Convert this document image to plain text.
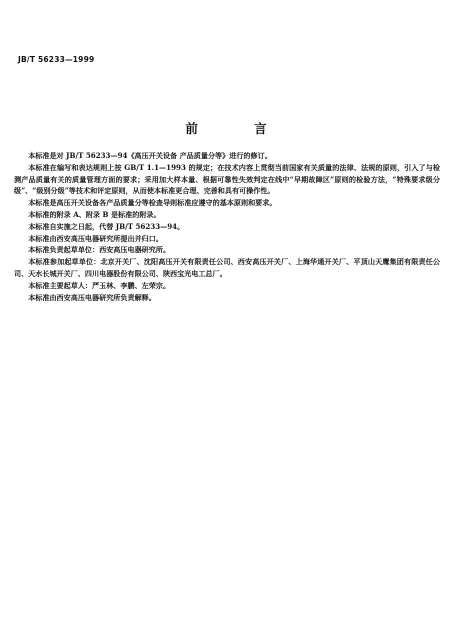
JB/T 56233—1999
前 言

本标准是对 JB/T 56233—94《高压开关设备 产品质量分等》进行的修订。

本标准在编写和表达规则上按 GB/T 1.1—1993 的规定；在技术内容上贯彻当前国家有关质量的法律、法规的原则，引入了与检测产品质量有关的质量管理方面的要求；采用加大样本量、根据可靠性失效判定在线中“早期故障区”原则的检验方法，“特殊要求级分级”、“级别分级”等技术和评定原则，从而使本标准更合理、完善和具有可操作性。

本标准是高压开关设备各产品质量分等检查导则标准应遵守的基本原则和要求。

本标准的附录 A、附录 B 是标准的附录。

本标准自实施之日起，代替 JB/T 56233—94。

本标准由西安高压电器研究所提出并归口。

本标准负责起草单位：西安高压电器研究所。

本标准参加起草单位：北京开关厂、沈阳高压开关有限责任公司、西安高压开关厂、上海华通开关厂、平顶山天鹰集团有限责任公司、天水长城开关厂、四川电器股份有限公司、陕西宝光电工总厂。

本标准主要起草人：严玉林、李鹏、左荣宗。

本标准由西安高压电器研究所负责解释。
